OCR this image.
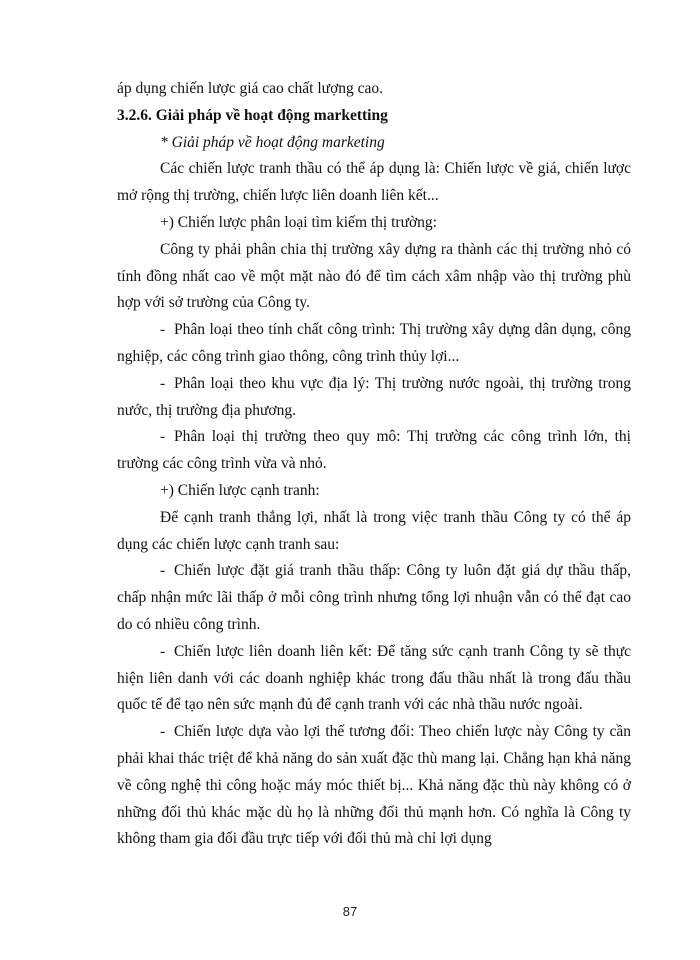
áp dụng chiến lược giá cao chất lượng cao.

3.2.6. Giải pháp về hoạt động marketting

* Giải pháp về hoạt động marketing

Các chiến lược tranh thầu có thể áp dụng là: Chiến lược về giá, chiến lược mở rộng thị trường, chiến lược liên doanh liên kết...

+) Chiến lược phân loại tìm kiếm thị trường:

Công ty phải phân chia thị trường xây dựng ra thành các thị trường nhỏ có tính đồng nhất cao về một mặt nào đó để tìm cách xâm nhập vào thị trường phù hợp với sở trường của Công ty.

- Phân loại theo tính chất công trình: Thị trường xây dựng dân dụng, công nghiệp, các công trình giao thông, công trình thủy lợi...

- Phân loại theo khu vực địa lý: Thị trường nước ngoài, thị trường trong nước, thị trường địa phương.

- Phân loại thị trường theo quy mô: Thị trường các công trình lớn, thị trường các công trình vừa và nhỏ.

+) Chiến lược cạnh tranh:

Để cạnh tranh thắng lợi, nhất là trong việc tranh thầu Công ty có thể áp dụng các chiến lược cạnh tranh sau:

- Chiến lược đặt giá tranh thầu thấp: Công ty luôn đặt giá dự thầu thấp, chấp nhận mức lãi thấp ở mỗi công trình nhưng tổng lợi nhuận vẫn có thể đạt cao do có nhiều công trình.

- Chiến lược liên doanh liên kết: Để tăng sức cạnh tranh Công ty sẽ thực hiện liên danh với các doanh nghiệp khác trong đấu thầu nhất là trong đấu thầu quốc tế để tạo nên sức mạnh đủ để cạnh tranh với các nhà thầu nước ngoài.

- Chiến lược dựa vào lợi thế tương đối: Theo chiến lược này Công ty cần phải khai thác triệt để khả năng do sản xuất đặc thù mang lại. Chẳng hạn khả năng về công nghệ thi công hoặc máy móc thiết bị... Khả năng đặc thù này không có ở những đối thủ khác mặc dù họ là những đối thủ mạnh hơn. Có nghĩa là Công ty không tham gia đối đầu trực tiếp với đối thủ mà chỉ lợi dụng

87
